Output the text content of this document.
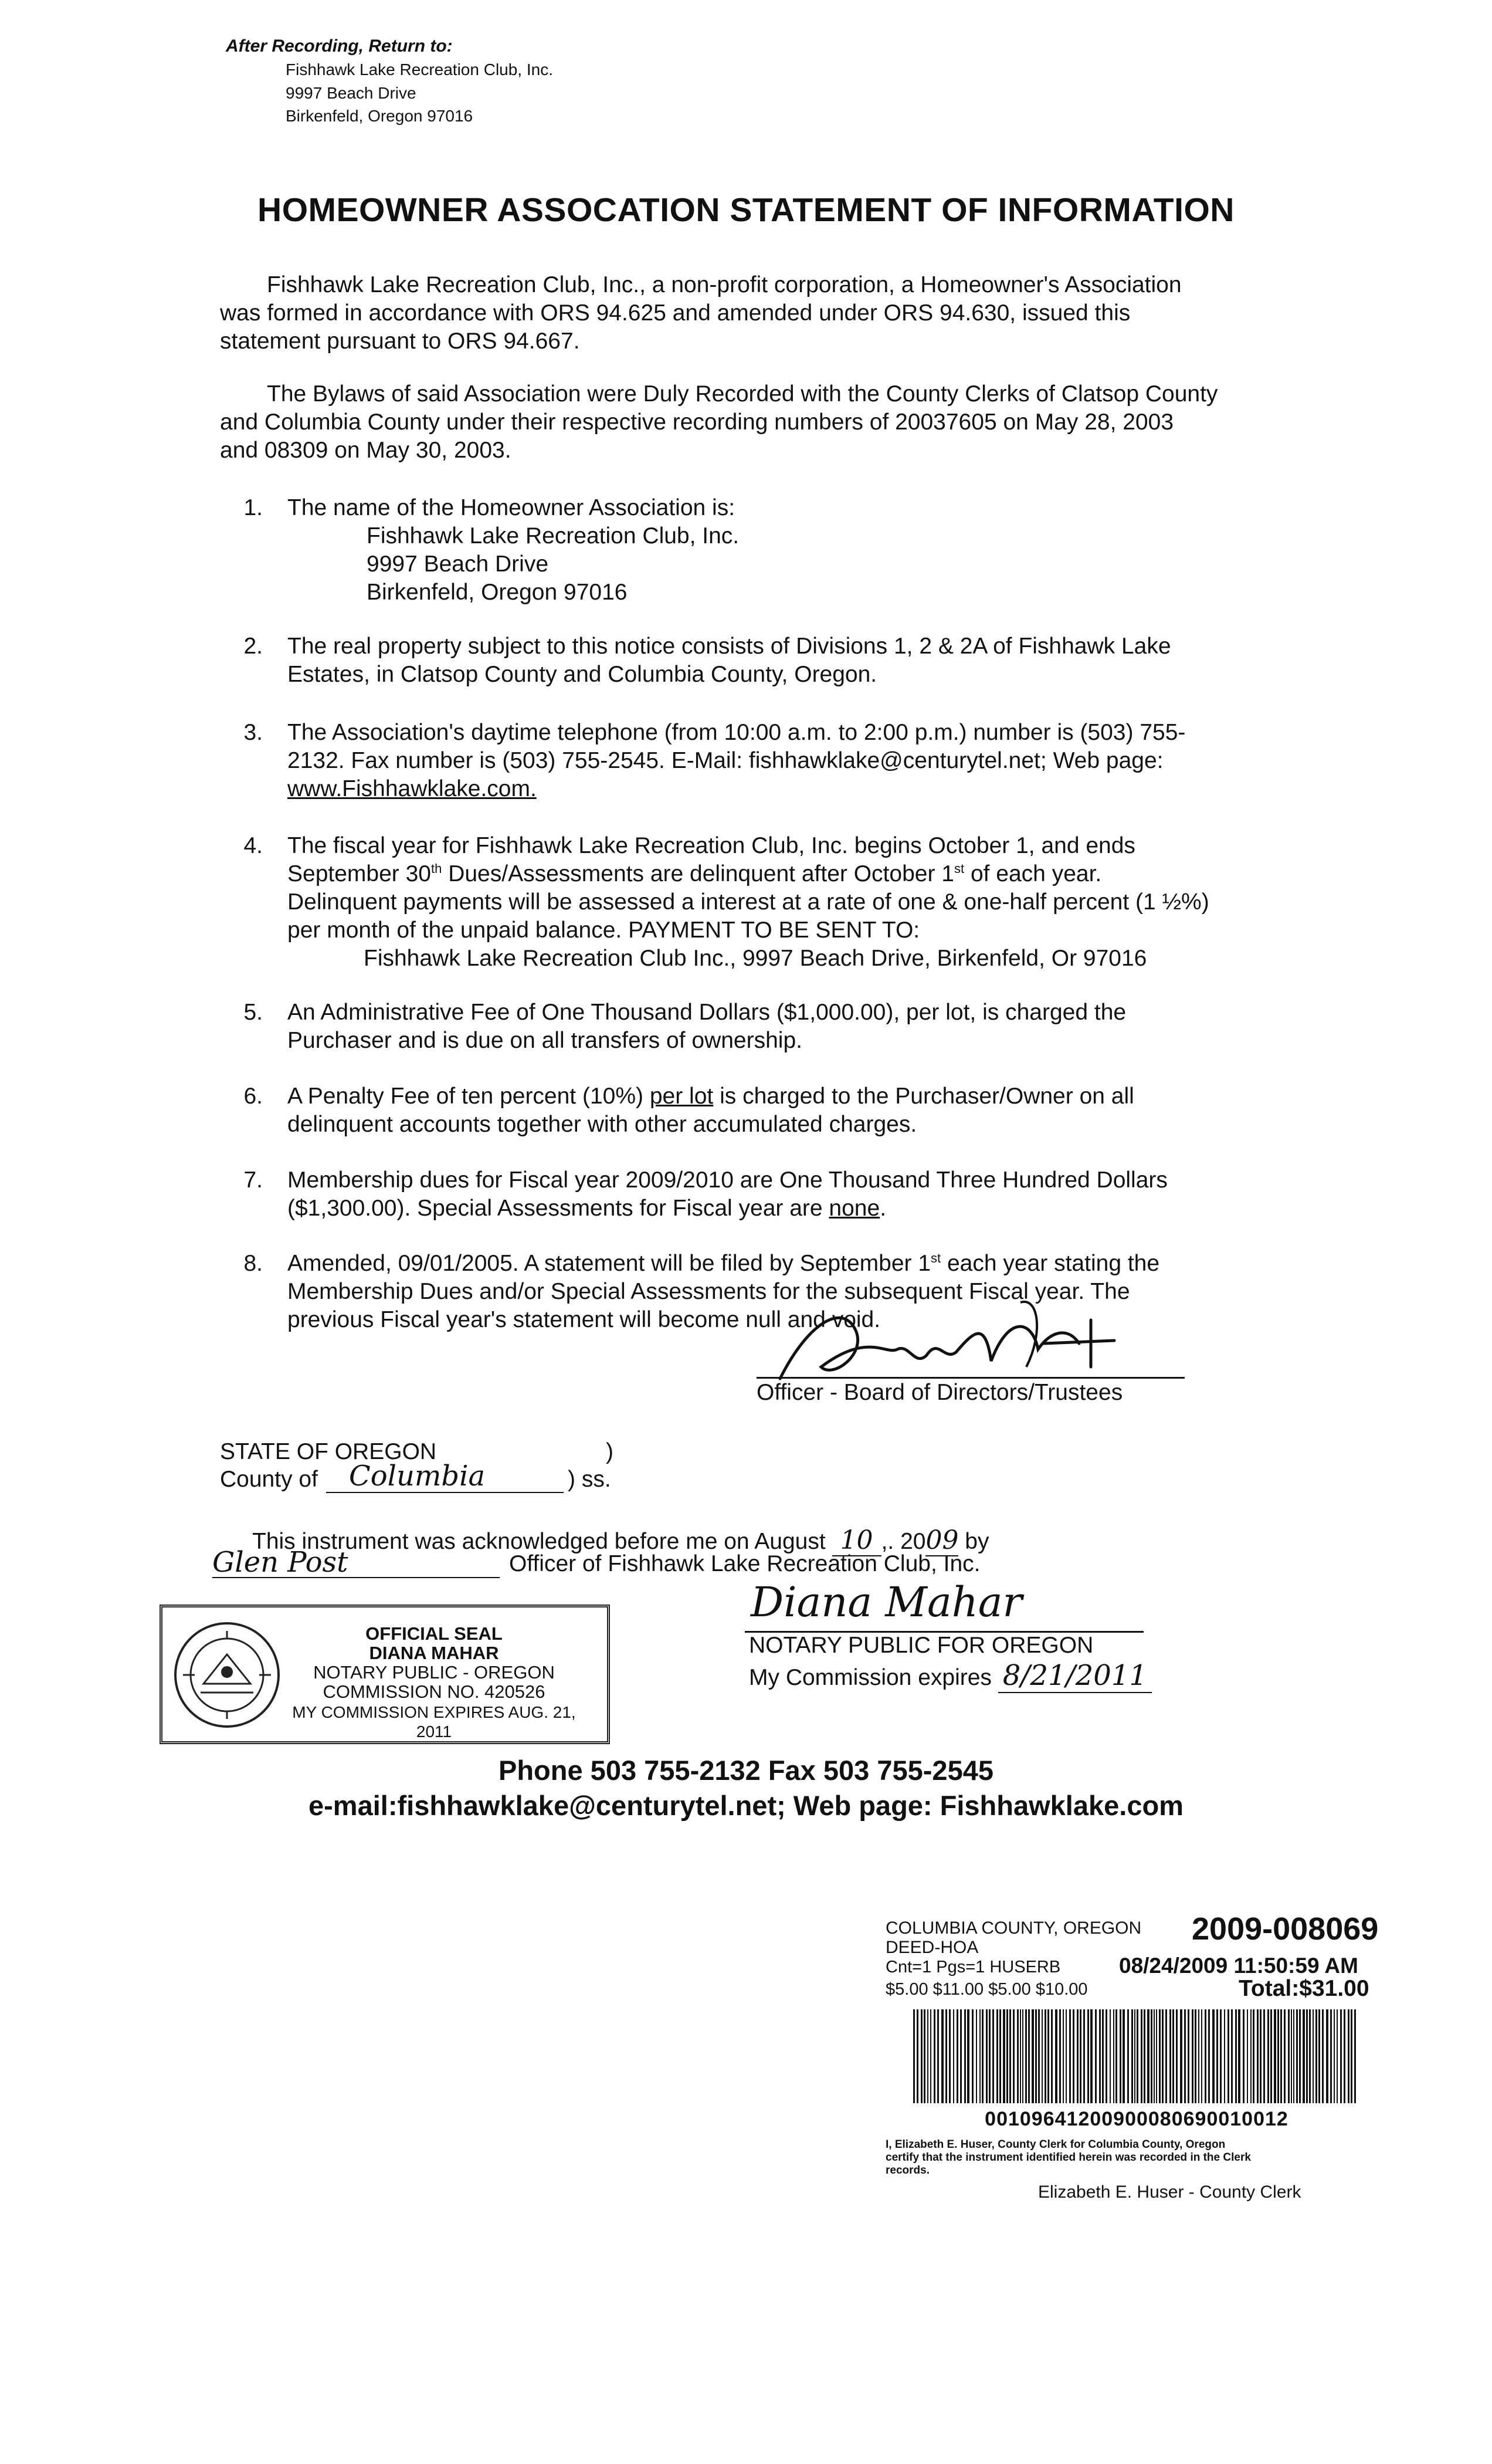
After Recording, Return to:
Fishhawk Lake Recreation Club, Inc.
9997 Beach Drive
Birkenfeld, Oregon 97016
HOMEOWNER ASSOCATION STATEMENT OF INFORMATION
Fishhawk Lake Recreation Club, Inc., a non-profit corporation, a Homeowner's Association
was formed in accordance with ORS 94.625 and amended under ORS 94.630, issued this
statement pursuant to ORS 94.667.
The Bylaws of said Association were Duly Recorded with the County Clerks of Clatsop County
and Columbia County under their respective recording numbers of 20037605 on May 28, 2003
and 08309 on May 30, 2003.
1. The name of the Homeowner Association is:
Fishhawk Lake Recreation Club, Inc.
9997 Beach Drive
Birkenfeld, Oregon 97016
2. The real property subject to this notice consists of Divisions 1, 2 & 2A of Fishhawk Lake
Estates, in Clatsop County and Columbia County, Oregon.
3. The Association's daytime telephone (from 10:00 a.m. to 2:00 p.m.) number is (503) 755-
2132. Fax number is (503) 755-2545. E-Mail: fishhawklake@centurytel.net; Web page:
www.Fishhawklake.com.
4. The fiscal year for Fishhawk Lake Recreation Club, Inc. begins October 1, and ends
September 30th Dues/Assessments are delinquent after October 1st of each year.
Delinquent payments will be assessed a interest at a rate of one & one-half percent (1 ½%)
per month of the unpaid balance. PAYMENT TO BE SENT TO:
Fishhawk Lake Recreation Club Inc., 9997 Beach Drive, Birkenfeld, Or 97016
5. An Administrative Fee of One Thousand Dollars ($1,000.00), per lot, is charged the
Purchaser and is due on all transfers of ownership.
6. A Penalty Fee of ten percent (10%) per lot is charged to the Purchaser/Owner on all
delinquent accounts together with other accumulated charges.
7. Membership dues for Fiscal year 2009/2010 are One Thousand Three Hundred Dollars
($1,300.00). Special Assessments for Fiscal year are none.
8. Amended, 09/01/2005. A statement will be filed by September 1st each year stating the
Membership Dues and/or Special Assessments for the subsequent Fiscal year. The
previous Fiscal year's statement will become null and void.
Officer - Board of Directors/Trustees
STATE OF OREGON	)
County of Columbia	) ss.
This instrument was acknowledged before me on August 10 ,. 2009 by
Glen Post	Officer of Fishhawk Lake Recreation Club, Inc.
OFFICIAL SEAL
DIANA MAHAR
NOTARY PUBLIC - OREGON
COMMISSION NO. 420526
MY COMMISSION EXPIRES AUG. 21, 2011
Diana Mahar
NOTARY PUBLIC FOR OREGON
My Commission expires 8/21/2011
Phone 503 755-2132 Fax 503 755-2545
e-mail:fishhawklake@centurytel.net; Web page: Fishhawklake.com
COLUMBIA COUNTY, OREGON 2009-008069
DEED-HOA
Cnt=1 Pgs=1 HUSERB	08/24/2009 11:50:59 AM
$5.00 $11.00 $5.00 $10.00	Total:$31.00
00109641200900080690010012
I, Elizabeth E. Huser, County Clerk for Columbia County, Oregon
certify that the instrument identified herein was recorded in the Clerk
records.
Elizabeth E. Huser - County Clerk
